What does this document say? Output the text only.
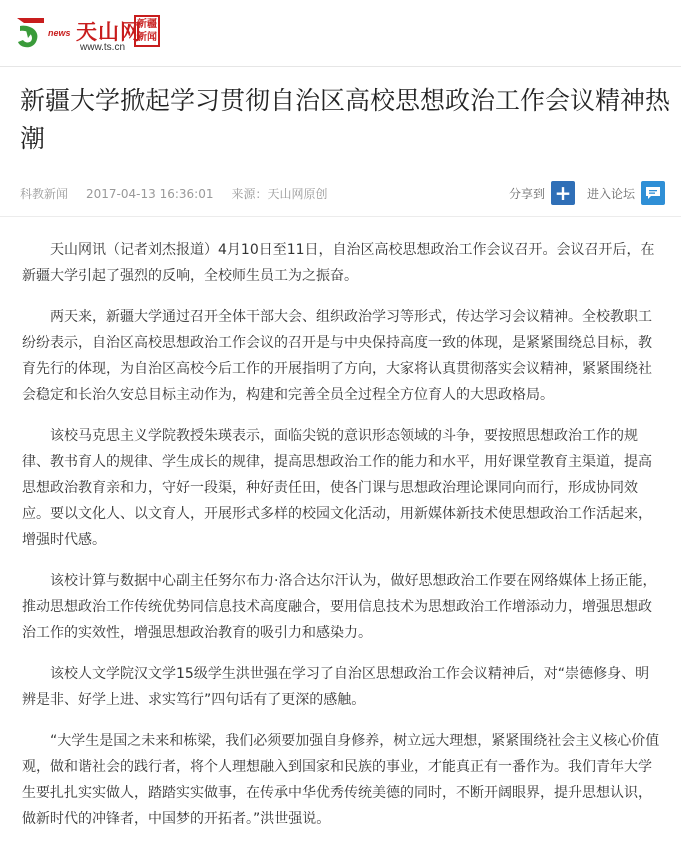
news 天山网
www.ts.cn
新疆
新闻
新疆大学掀起学习贯彻自治区高校思想政治工作会议精神热潮
科教新闻 2017-04-13 16:36:01 来源：天山网原创	分享到 +	进入论坛

天山网讯（记者刘杰报道）4月10日至11日，自治区高校思想政治工作会议召开。会议召开后，在新疆大学引起了强烈的反响，全校师生员工为之振奋。

两天来，新疆大学通过召开全体干部大会、组织政治学习等形式，传达学习会议精神。全校教职工纷纷表示，自治区高校思想政治工作会议的召开是与中央保持高度一致的体现，是紧紧围绕总目标，教育先行的体现，为自治区高校今后工作的开展指明了方向，大家将认真贯彻落实会议精神，紧紧围绕社会稳定和长治久安总目标主动作为，构建和完善全员全过程全方位育人的大思政格局。

该校马克思主义学院教授朱瑛表示，面临尖锐的意识形态领域的斗争，要按照思想政治工作的规律、教书育人的规律、学生成长的规律，提高思想政治工作的能力和水平，用好课堂教育主渠道，提高思想政治教育亲和力，守好一段渠，种好责任田，使各门课与思想政治理论课同向而行，形成协同效应。要以文化人、以文育人，开展形式多样的校园文化活动，用新媒体新技术使思想政治工作活起来，增强时代感。

该校计算与数据中心副主任努尔布力·洛合达尔汗认为，做好思想政治工作要在网络媒体上扬正能，推动思想政治工作传统优势同信息技术高度融合，要用信息技术为思想政治工作增添动力，增强思想政治工作的实效性，增强思想政治教育的吸引力和感染力。

该校人文学院汉文学15级学生洪世强在学习了自治区思想政治工作会议精神后，对“崇德修身、明辨是非、好学上进、求实笃行”四句话有了更深的感触。

“大学生是国之未来和栋梁，我们必须要加强自身修养，树立远大理想，紧紧围绕社会主义核心价值观，做和谐社会的践行者，将个人理想融入到国家和民族的事业，才能真正有一番作为。我们青年大学生要扎扎实实做人，踏踏实实做事，在传承中华优秀传统美德的同时，不断开阔眼界，提升思想认识，做新时代的冲锋者，中国梦的开拓者。”洪世强说。
